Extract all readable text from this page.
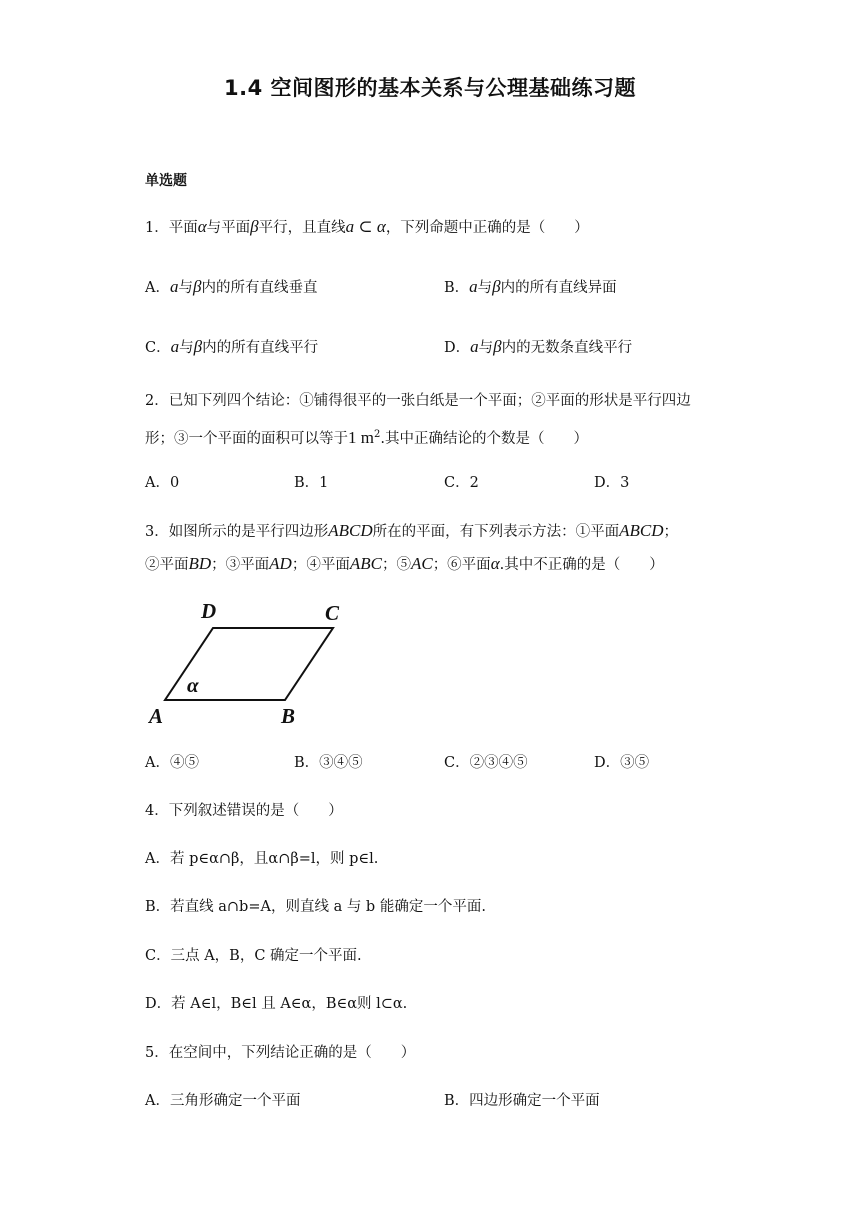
1.4 空间图形的基本关系与公理基础练习题
单选题
1．平面α与平面β平行，且直线a ⊂ α，下列命题中正确的是（　　）
A．a与β内的所有直线垂直	B．a与β内的所有直线异面
C．a与β内的所有直线平行	D．a与β内的无数条直线平行
2．已知下列四个结论：①铺得很平的一张白纸是一个平面；②平面的形状是平行四边
形；③一个平面的面积可以等于1 $m^2$.其中正确结论的个数是（　　）
A．0	B．1	C．2	D．3
3．如图所示的是平行四边形ABCD所在的平面，有下列表示方法：①平面ABCD；
②平面BD；③平面AD；④平面ABC；⑤AC；⑥平面α.其中不正确的是（　　）
D	C
A	B
α
A．④⑤	B．③④⑤	C．②③④⑤	D．③⑤
4．下列叙述错误的是（　　）
A．若 p∈α∩β，且α∩β=l，则 p∈l.
B．若直线 a∩b=A，则直线 a 与 b 能确定一个平面.
C．三点 A，B，C 确定一个平面.
D．若 A∈l，B∈l 且 A∈α，B∈α则 l⊂α.
5．在空间中，下列结论正确的是（　　）
A．三角形确定一个平面	B．四边形确定一个平面
